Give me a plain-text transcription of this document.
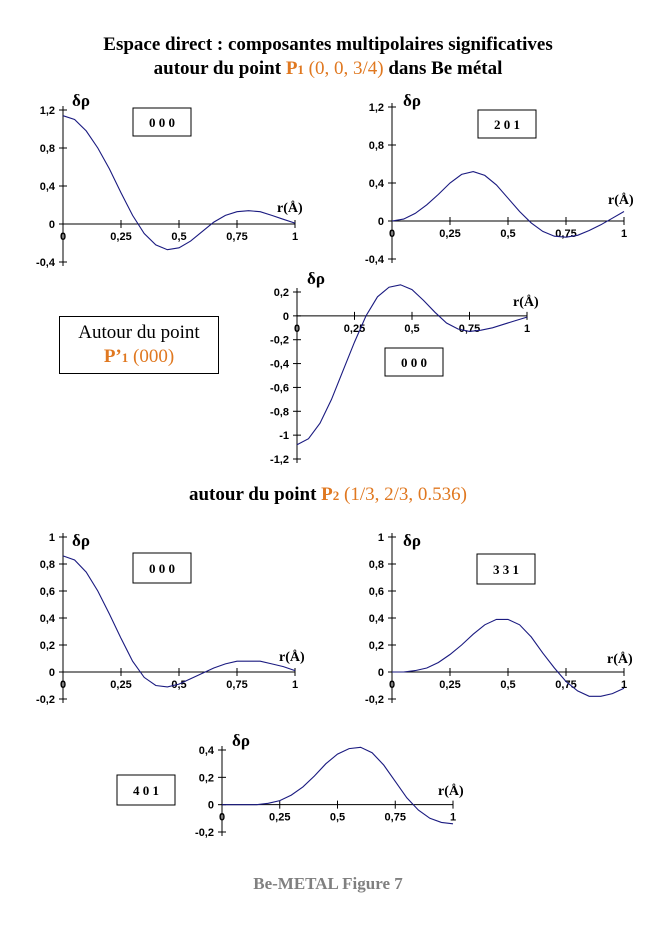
Espace direct : composantes multipolaires significatives
autour du point P1 (0, 0, 3/4) dans Be métal
autour du point P2 (1/3, 2/3, 0.536)
Autour du point
P’1 (000)
1,2
0,8
0,4
0
-0,4
0	0,25	0,5	0,75	1
δρ
r(Å)
0 0 0
1,2
0,8
0,4
0
-0,4
0	0,25	0,5	0,75	1
δρ
r(Å)
2 0 1
0,2
0
-0,2
-0,4
-0,6
-0,8
-1
-1,2
0	0,25	0,5	0,75	1
δρ
r(Å)
0 0 0
1
0,8
0,6
0,4
0,2
0
-0,2
0	0,25	0,5	0,75	1
δρ
r(Å)
0 0 0
1
0,8
0,6
0,4
0,2
0
-0,2
0	0,25	0,5	0,75	1
δρ
r(Å)
3 3 1
0,4
0,2
0
-0,2
0	0,25	0,5	0,75	1
δρ
r(Å)
4 0 1
Be-METAL Figure 7
